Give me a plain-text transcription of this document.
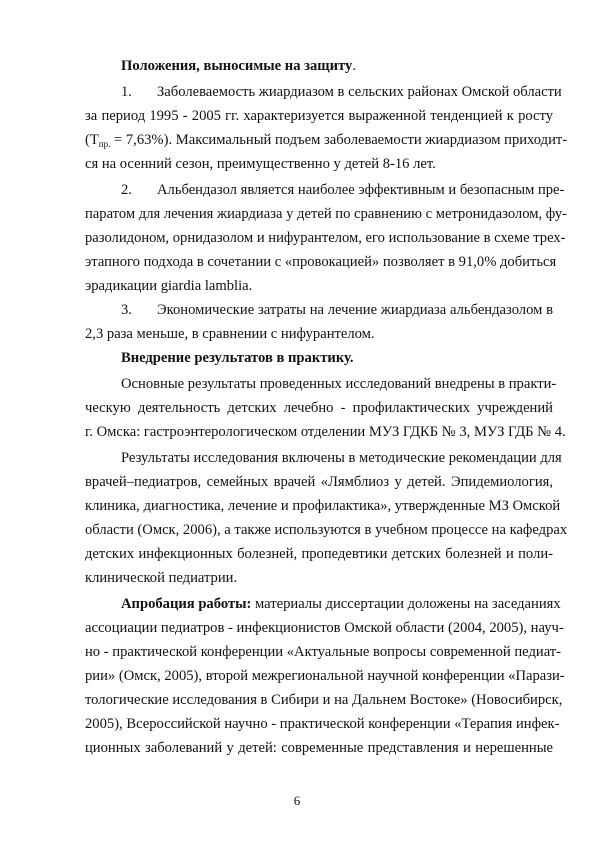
Положения, выносимые на защиту.
1. Заболеваемость жиардиазом в сельских районах Омской области
за период 1995 - 2005 гг. характеризуется выраженной тенденцией к росту
$(Т_{пр.} = 7,63\%)$. Максимальный подъем заболеваемости жиардиазом приходит-
ся на осенний сезон, преимущественно у детей 8-16 лет.
2. Альбендазол является наиболее эффективным и безопасным пре-
паратом для лечения жиардиаза у детей по сравнению с метронидазолом, фу-
разолидоном, орнидазолом и нифурантелом, его использование в схеме трех-
этапного подхода в сочетании с «провокацией» позволяет в 91,0% добиться
эрадикации giardia lamblia.
3. Экономические затраты на лечение жиардиаза альбендазолом в
2,3 раза меньше, в сравнении с нифурантелом.
Внедрение результатов в практику.
Основные результаты проведенных исследований внедрены в практи-
ческую деятельность детских лечебно - профилактических учреждений
г. Омска: гастроэнтерологическом отделении МУЗ ГДКБ № 3, МУЗ ГДБ № 4.
Результаты исследования включены в методические рекомендации для
врачей–педиатров, семейных врачей «Лямблиоз у детей. Эпидемиология,
клиника, диагностика, лечение и профилактика», утвержденные МЗ Омской
области (Омск, 2006), а также используются в учебном процессе на кафедрах
детских инфекционных болезней, пропедевтики детских болезней и поли-
клинической педиатрии.
Апробация работы: материалы диссертации доложены на заседаниях
ассоциации педиатров - инфекционистов Омской области (2004, 2005), науч-
но - практической конференции «Актуальные вопросы современной педиат-
рии» (Омск, 2005), второй межрегиональной научной конференции «Парази-
тологические исследования в Сибири и на Дальнем Востоке» (Новосибирск,
2005), Всероссийской научно - практической конференции «Терапия инфек-
ционных заболеваний у детей: современные представления и нерешенные
6
